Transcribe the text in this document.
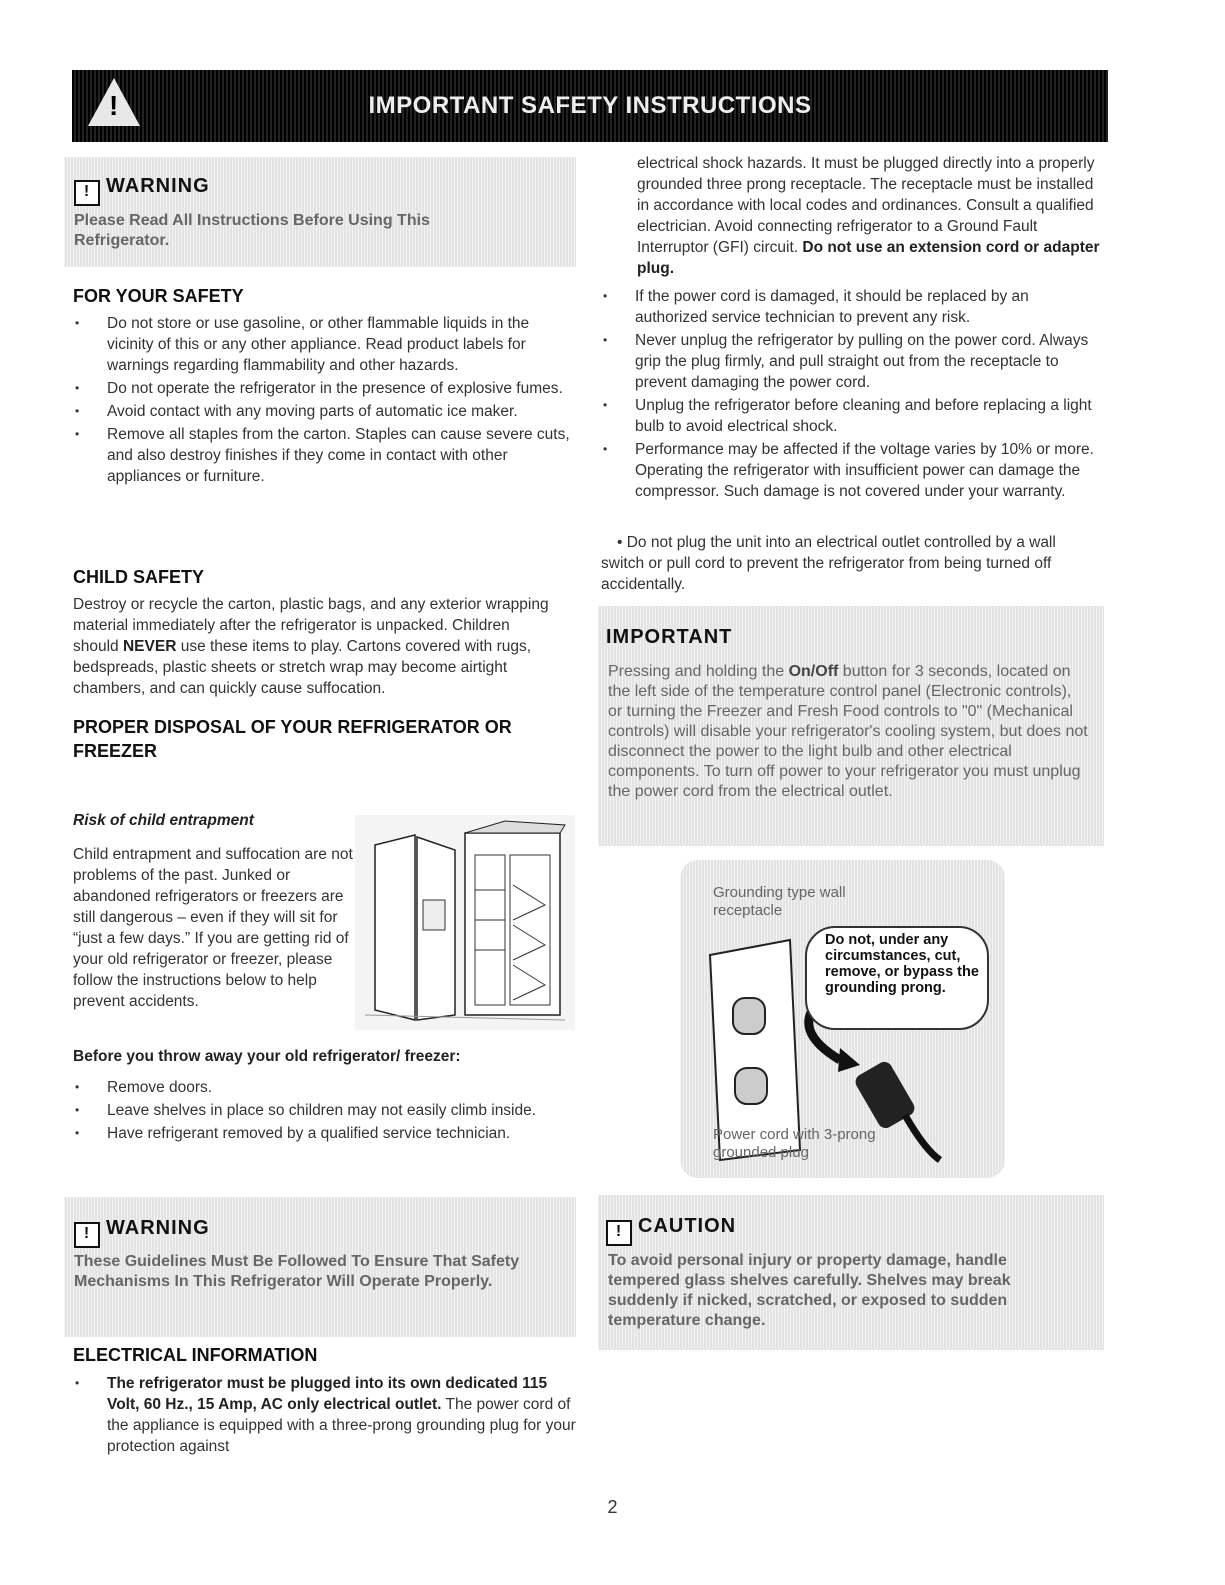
!	IMPORTANT SAFETY INSTRUCTIONS
! WARNING
Please Read All Instructions Before Using This Refrigerator.
FOR YOUR SAFETY
• Do not store or use gasoline, or other flammable liquids in the vicinity of this or any other appliance. Read product labels for warnings regarding flammability and other hazards.
• Do not operate the refrigerator in the presence of explosive fumes.
• Avoid contact with any moving parts of automatic ice maker.
• Remove all staples from the carton. Staples can cause severe cuts, and also destroy finishes if they come in contact with other appliances or furniture.
CHILD SAFETY
Destroy or recycle the carton, plastic bags, and any exterior wrapping material immediately after the refrigerator is unpacked. Children should NEVER use these items to play. Cartons covered with rugs, bedspreads, plastic sheets or stretch wrap may become airtight chambers, and can quickly cause suffocation.
PROPER DISPOSAL OF YOUR REFRIGERATOR OR FREEZER
Risk of child entrapment
Child entrapment and suffocation are not problems of the past. Junked or abandoned refrigerators or freezers are still dangerous – even if they will sit for “just a few days.” If you are getting rid of your old refrigerator or freezer, please follow the instructions below to help prevent accidents.
Before you throw away your old refrigerator/ freezer:
• Remove doors.
• Leave shelves in place so children may not easily climb inside.
• Have refrigerant removed by a qualified service technician.
! WARNING
These Guidelines Must Be Followed To Ensure That Safety Mechanisms In This Refrigerator Will Operate Properly.
ELECTRICAL INFORMATION
• The refrigerator must be plugged into its own dedicated 115 Volt, 60 Hz., 15 Amp, AC only electrical outlet. The power cord of the appliance is equipped with a three-prong grounding plug for your protection against
electrical shock hazards. It must be plugged directly into a properly grounded three prong receptacle. The receptacle must be installed in accordance with local codes and ordinances. Consult a qualified electrician. Avoid connecting refrigerator to a Ground Fault Interruptor (GFI) circuit. Do not use an extension cord or adapter plug.
• If the power cord is damaged, it should be replaced by an authorized service technician to prevent any risk.
• Never unplug the refrigerator by pulling on the power cord. Always grip the plug firmly, and pull straight out from the receptacle to prevent damaging the power cord.
• Unplug the refrigerator before cleaning and before replacing a light bulb to avoid electrical shock.
• Performance may be affected if the voltage varies by 10% or more. Operating the refrigerator with insufficient power can damage the compressor. Such damage is not covered under your warranty.
• Do not plug the unit into an electrical outlet controlled by a wall switch or pull cord to prevent the refrigerator from being turned off accidentally.
IMPORTANT
Pressing and holding the On/Off button for 3 seconds, located on the left side of the temperature control panel (Electronic controls), or turning the Freezer and Fresh Food controls to "0" (Mechanical controls) will disable your refrigerator's cooling system, but does not disconnect the power to the light bulb and other electrical components. To turn off power to your refrigerator you must unplug the power cord from the electrical outlet.
Grounding type wall receptacle
Do not, under any circumstances, cut, remove, or bypass the grounding prong.
Power cord with 3-prong grounded plug
! CAUTION
To avoid personal injury or property damage, handle tempered glass shelves carefully. Shelves may break suddenly if nicked, scratched, or exposed to sudden temperature change.
2
